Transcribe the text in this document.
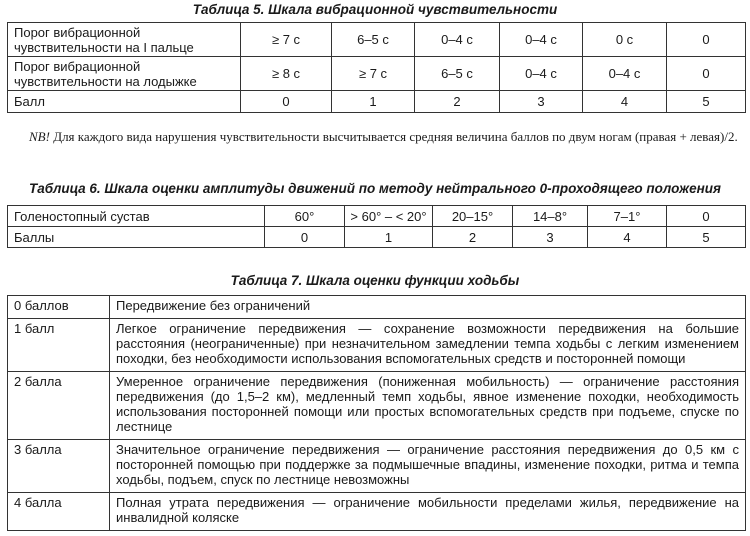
Таблица 5. Шкала вибрационной чувствительности
Порог вибрационной чувствительности на I пальце	≥ 7 с	6–5 с	0–4 с	0–4 с	0 с	0
Порог вибрационной чувствительности на лодыжке	≥ 8 с	≥ 7 с	6–5 с	0–4 с	0–4 с	0
Балл	0	1	2	3	4	5
NB! Для каждого вида нарушения чувствительности высчитывается средняя величина баллов по двум ногам (правая + левая)/2.
Таблица 6. Шкала оценки амплитуды движений по методу нейтрального 0-проходящего положения
Голеностопный сустав	60°	> 60° – < 20°	20–15°	14–8°	7–1°	0
Баллы	0	1	2	3	4	5
Таблица 7. Шкала оценки функции ходьбы
0 баллов	Передвижение без ограничений
1 балл	Легкое ограничение передвижения — сохранение возможности передвижения на большие расстояния (неограниченные) при незначительном замедлении темпа ходьбы с легким изменением походки, без необходимости использования вспомогательных средств и посторонней помощи
2 балла	Умеренное ограничение передвижения (пониженная мобильность) — ограничение расстояния передвижения (до 1,5–2 км), медленный темп ходьбы, явное изменение походки, необходимость использования посторонней помощи или простых вспомогательных средств при подъеме, спуске по лестнице
3 балла	Значительное ограничение передвижения — ограничение расстояния передвижения до 0,5 км с посторонней помощью при поддержке за подмышечные впадины, изменение походки, ритма и темпа ходьбы, подъем, спуск по лестнице невозможны
4 балла	Полная утрата передвижения — ограничение мобильности пределами жилья, передвижение на инвалидной коляске
